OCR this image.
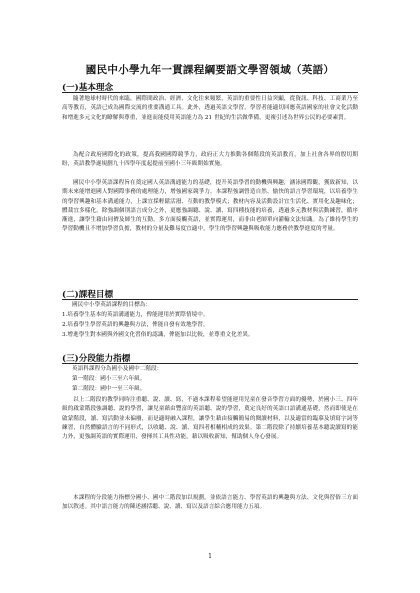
國民中小學九年一貫課程綱要語文學習領域（英語）
(一)基本理念
隨著地球村時代的來臨，國際間政治、經濟、文化往來頻繁，英語的重要性日益突顯，從資訊、科技、工商業乃至高等教育，英語已成為國際交流的重要溝通工具。此外，透過英語文學習，學習者能適切回應英語國家的社會文化活動和增進多元文化的瞭解與尊重，並進而能使用英語能力為 21 世紀的生活做準備，更複引述為世界公民的必要素質。
為配合政府國際化的政策，提高我國國際競爭力，政府正大力推動各個階段的英語教育，加上社會各界的殷切期盼，英語教學遂規劃九十四學年度起提前至國小三年級開始實施。
國民中小學英語課程旨在奠定國人英語溝通能力的基礎，提升英語學習的動機與興趣，涵泳國際觀，獲致新知，以期未來能增進國人對國際事務的處理能力，增強國家競爭力。本課程強調營造自然、愉快的語言學習環境，以培養學生的學習興趣和基本溝通能力，上課宜採輕鬆活潑、互動的教學模式；教材內容及活動設計宜生活化、實用化及趣味化；體裁宜多樣化。除強調個別語言成分之外，更應強調聽、說、讀、寫四種技能的培養，透過多元教材與活動練習，循序漸進，讓學生藉由同儕及師生的互動，多方面接觸英語，並實際運用，而非由老師單向灌輸文法知識。為了維持學生的學習動機且不增加學習負擔，教材的分量及難易度宜適中，學生的學習興趣與吸收能力應務於教學進度的考量。
(二)課程目標
國民中小學英語課程的目標為：
1.培養學生基本的英語溝通能力，俾能運用於實際情境中。
2.培養學生學習英語的興趣與方法，俾能自發有效地學習。
3.增進學生對本國與外國文化習俗的認識，俾能加以比較，並尊重文化差異。
(三)分段能力指標
英語科課程分為國小及國中二階段：
第一階段：國小三至六年級。
第二階段：國中一至三年級。
以上二階段的教學同時注重聽、說、讀、寫，不過本課程希望能運用兒童在發音學習方面的優勢，於國小三、四年級的啟蒙階段強調聽、說的學習，讓兒童藉由豐富的英語聽、說的學習，奠定良好的英語口語溝通基礎，然而即使是在啟蒙階段，讀、寫活動並未偏廢，而是適時融入課程，讓學生藉由接觸簡易的閱讀材料，以及適當的臨摹及填寫字詞等練習，自然體驗語言的不同形式，以收聽、說、讀、寫四者相輔相成的效果。第二階段除了持續培養基本聽說讀寫的能力外，更強調英語的實際運用，發揮其工具性功能，藉以吸收新知，幫助個人身心發展。
本課程的分段能力指標分國小、國中二階段加以規劃，並依語言能力、學習英語的興趣與方法、文化與習俗三方面加以敘述。其中語言能力的陳述涵括聽、說、讀、寫以及語言綜合應用能力五項。
1
